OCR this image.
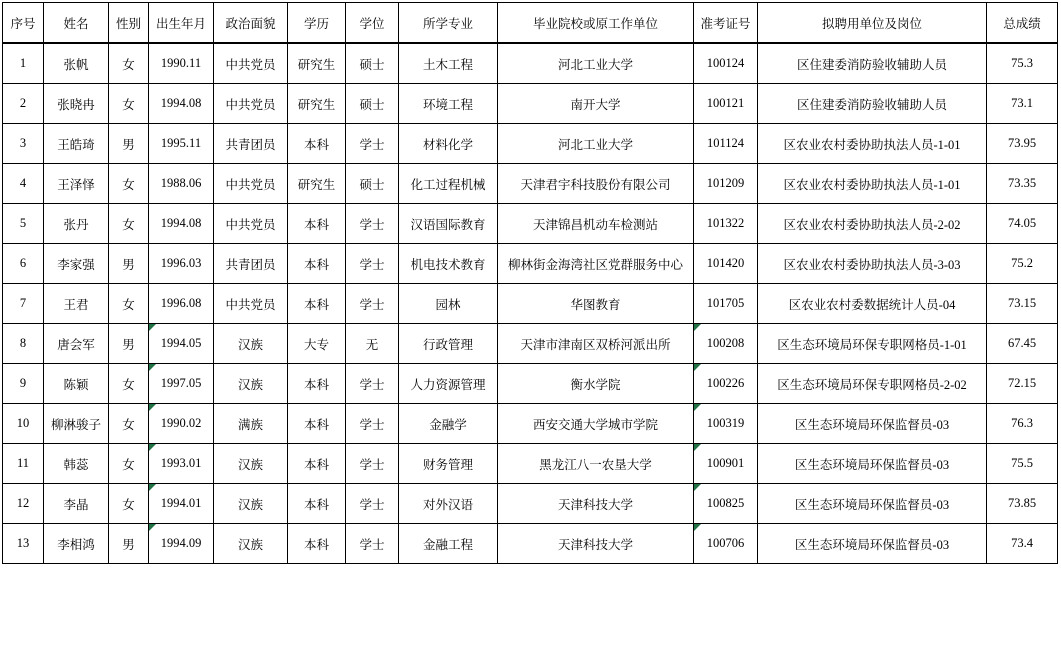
序号	姓名	性别	出生年月	政治面貌	学历	学位	所学专业	毕业院校或原工作单位	准考证号	拟聘用单位及岗位	总成绩
1	张帆	女	1990.11	中共党员	研究生	硕士	土木工程	河北工业大学	100124	区住建委消防验收辅助人员	75.3
2	张晓冉	女	1994.08	中共党员	研究生	硕士	环境工程	南开大学	100121	区住建委消防验收辅助人员	73.1
3	王皓琦	男	1995.11	共青团员	本科	学士	材料化学	河北工业大学	101124	区农业农村委协助执法人员-1-01	73.95
4	王泽怿	女	1988.06	中共党员	研究生	硕士	化工过程机械	天津君宇科技股份有限公司	101209	区农业农村委协助执法人员-1-01	73.35
5	张丹	女	1994.08	中共党员	本科	学士	汉语国际教育	天津锦昌机动车检测站	101322	区农业农村委协助执法人员-2-02	74.05
6	李家强	男	1996.03	共青团员	本科	学士	机电技术教育	柳林街金海湾社区党群服务中心	101420	区农业农村委协助执法人员-3-03	75.2
7	王君	女	1996.08	中共党员	本科	学士	园林	华图教育	101705	区农业农村委数据统计人员-04	73.15
8	唐会军	男	1994.05	汉族	大专	无	行政管理	天津市津南区双桥河派出所	100208	区生态环境局环保专职网格员-1-01	67.45
9	陈颖	女	1997.05	汉族	本科	学士	人力资源管理	衡水学院	100226	区生态环境局环保专职网格员-2-02	72.15
10	柳淋骏子	女	1990.02	满族	本科	学士	金融学	西安交通大学城市学院	100319	区生态环境局环保监督员-03	76.3
11	韩蕊	女	1993.01	汉族	本科	学士	财务管理	黑龙江八一农垦大学	100901	区生态环境局环保监督员-03	75.5
12	李晶	女	1994.01	汉族	本科	学士	对外汉语	天津科技大学	100825	区生态环境局环保监督员-03	73.85
13	李相鸿	男	1994.09	汉族	本科	学士	金融工程	天津科技大学	100706	区生态环境局环保监督员-03	73.4
